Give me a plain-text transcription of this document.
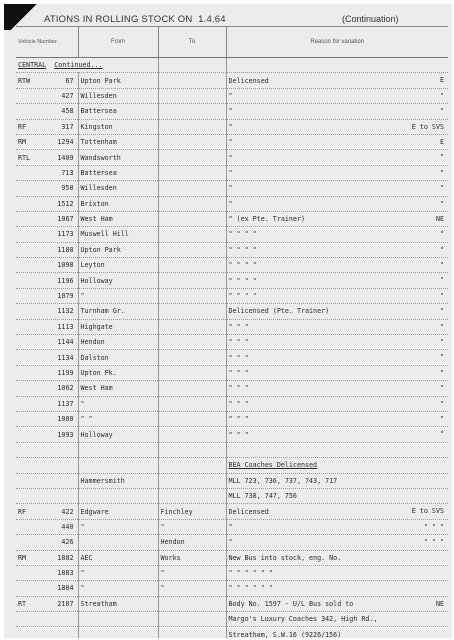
ATIONS IN ROLLING STOCK ON 1.4.64	(Continuation)
Vehicle Number	From	To	Reason for variation
CENTRAL Continued...			

RTW 67	Upton Park		Delicensed E

427	Willesden		" "

458	Battersea		" "

RF 317	Kingston		" E to SVS

RM 1294	Tottenham		" E

RTL 1409	Wandsworth		" "

713	Battersea		" "

950	Willesden		" "

1512	Brixton		" "

1067	West Ham		" (ex Pte. Trainer) NE

1173	Muswell Hill		" " " " "

1188	Upton Park		" " " " "

1098	Leyton		" " " " "

1196	Holloway		" " " " "

1079	"		" " " " "

1132	Turnham Gr.		Delicensed (Pte. Trainer) "

1113	Highgate		" " " "

1144	Hendon		" " " "

1134	Dalston		" " " "

1199	Upton Pk.		" " " "

1062	West Ham		" " " "

1137	"		" " " "

1080	" "		" " " "

1093	Holloway		" " " "

			BEA Coaches Delicensed

	Hammersmith		MLL 723, 736, 737, 743, 717

			MLL 738, 747, 756

RF 422	Edgware	Finchley	Delicensed E to SVS

440	"	"	" " " "

426		Hendon	" " " "

RM 1882	AEC	Works	New Bus into stock, eng. No.

1883	"	"	" " " " " "

1884	"	"	" " " " " "

RT 2107	Streatham		Body No. 1597 - U/L Bus sold to NE

			Margo's Luxury Coaches 342, High Rd.,

			Streatham, S.W.16 (9226/156)
